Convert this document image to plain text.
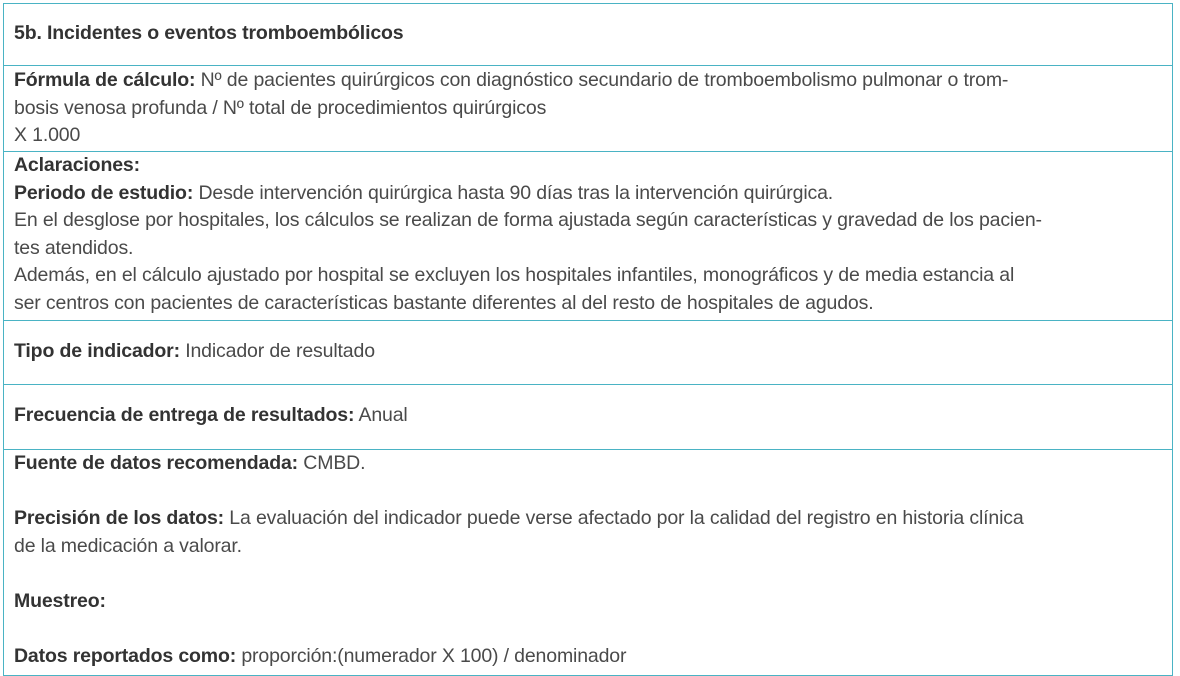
5b. Incidentes o eventos tromboembólicos
Fórmula de cálculo: Nº de pacientes quirúrgicos con diagnóstico secundario de tromboembolismo pulmonar o trom-
bosis venosa profunda / Nº total de procedimientos quirúrgicos
X 1.000
Aclaraciones:
Periodo de estudio: Desde intervención quirúrgica hasta 90 días tras la intervención quirúrgica.
En el desglose por hospitales, los cálculos se realizan de forma ajustada según características y gravedad de los pacien-
tes atendidos.
Además, en el cálculo ajustado por hospital se excluyen los hospitales infantiles, monográficos y de media estancia al
ser centros con pacientes de características bastante diferentes al del resto de hospitales de agudos.
Tipo de indicador: Indicador de resultado
Frecuencia de entrega de resultados: Anual
Fuente de datos recomendada: CMBD.
Precisión de los datos: La evaluación del indicador puede verse afectado por la calidad del registro en historia clínica
de la medicación a valorar.
Muestreo:
Datos reportados como: proporción:(numerador X 100) / denominador
